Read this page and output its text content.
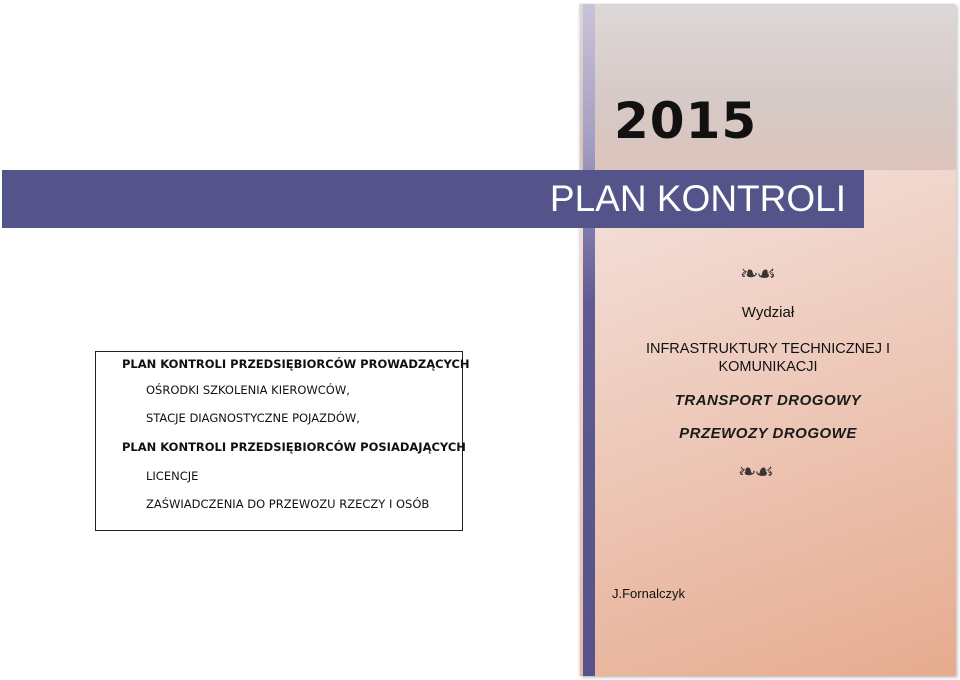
2015
PLAN KONTROLI
❧☙
Wydział
INFRASTRUKTURY TECHNICZNEJ I KOMUNIKACJI
TRANSPORT DROGOWY
PRZEWOZY DROGOWE
❧☙
J.Fornalczyk
PLAN KONTROLI PRZEDSIĘBIORCÓW PROWADZĄCYCH
OŚRODKI SZKOLENIA KIEROWCÓW,
STACJE DIAGNOSTYCZNE POJAZDÓW,
PLAN KONTROLI PRZEDSIĘBIORCÓW POSIADAJĄCYCH
LICENCJE
ZAŚWIADCZENIA DO PRZEWOZU RZECZY I OSÓB
